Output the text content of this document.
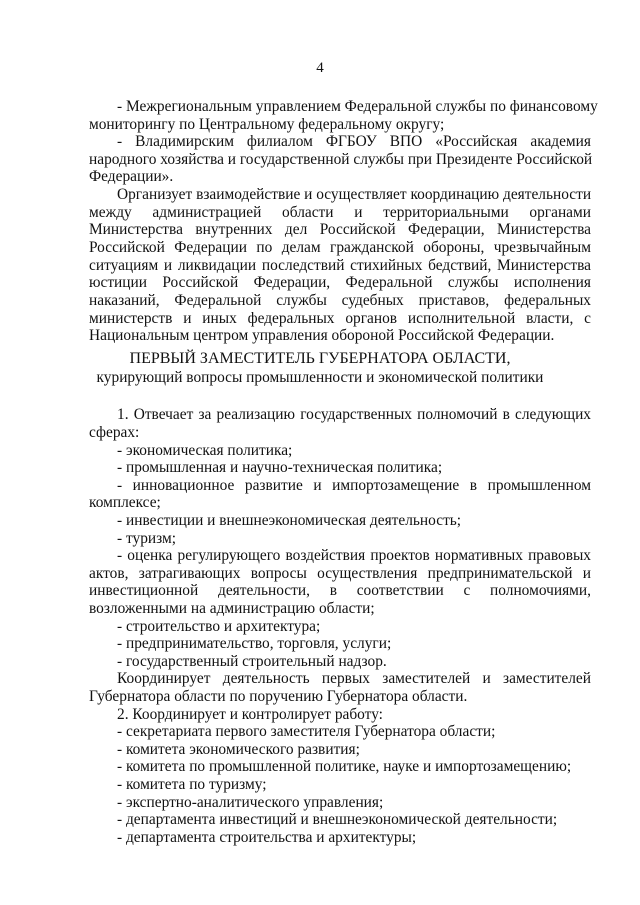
4
- Межрегиональным управлением Федеральной службы по финансовому
мониторингу по Центральному федеральному округу;
- Владимирским филиалом ФГБОУ ВПО «Российская академия
народного хозяйства и государственной службы при Президенте Российской
Федерации».
Организует взаимодействие и осуществляет координацию деятельности
между администрацией области и территориальными органами
Министерства внутренних дел Российской Федерации, Министерства
Российской Федерации по делам гражданской обороны, чрезвычайным
ситуациям и ликвидации последствий стихийных бедствий, Министерства
юстиции Российской Федерации, Федеральной службы исполнения
наказаний, Федеральной службы судебных приставов, федеральных
министерств и иных федеральных органов исполнительной власти, с
Национальным центром управления обороной Российской Федерации.
ПЕРВЫЙ ЗАМЕСТИТЕЛЬ ГУБЕРНАТОРА ОБЛАСТИ,
курирующий вопросы промышленности и экономической политики
1. Отвечает за реализацию государственных полномочий в следующих
сферах:
- экономическая политика;
- промышленная и научно-техническая политика;
- инновационное развитие и импортозамещение в промышленном
комплексе;
- инвестиции и внешнеэкономическая деятельность;
- туризм;
- оценка регулирующего воздействия проектов нормативных правовых
актов, затрагивающих вопросы осуществления предпринимательской и
инвестиционной деятельности, в соответствии с полномочиями,
возложенными на администрацию области;
- строительство и архитектура;
- предпринимательство, торговля, услуги;
- государственный строительный надзор.
Координирует деятельность первых заместителей и заместителей
Губернатора области по поручению Губернатора области.
2. Координирует и контролирует работу:
- секретариата первого заместителя Губернатора области;
- комитета экономического развития;
- комитета по промышленной политике, науке и импортозамещению;
- комитета по туризму;
- экспертно-аналитического управления;
- департамента инвестиций и внешнеэкономической деятельности;
- департамента строительства и архитектуры;
